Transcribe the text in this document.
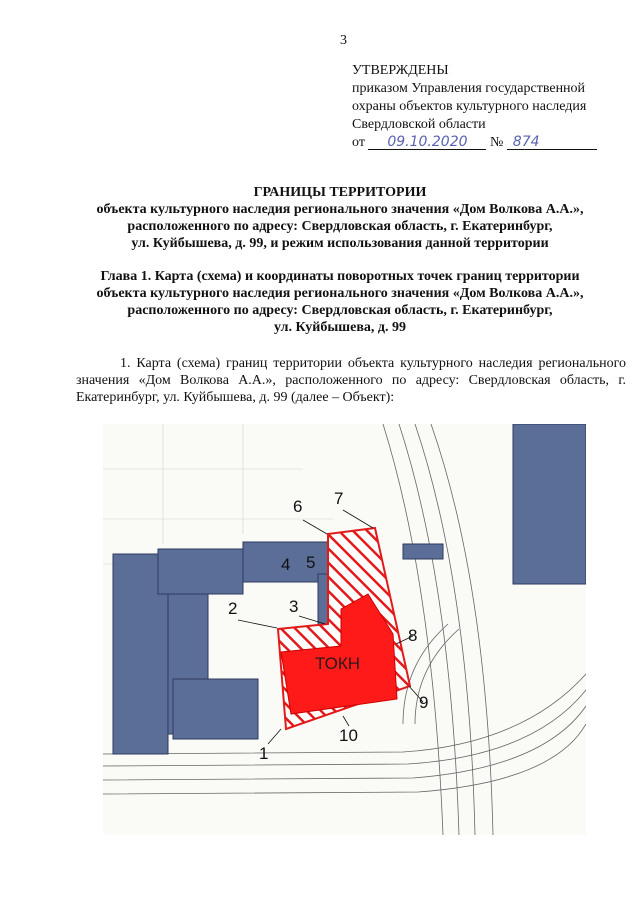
3
УТВЕРЖДЕНЫ
приказом Управления государственной
охраны объектов культурного наследия
Свердловской области
от 09.10.2020 № 874
ГРАНИЦЫ ТЕРРИТОРИИ
объекта культурного наследия регионального значения «Дом Волкова А.А.»,
расположенного по адресу: Свердловская область, г. Екатеринбург,
ул. Куйбышева, д. 99, и режим использования данной территории
Глава 1. Карта (схема) и координаты поворотных точек границ территории
объекта культурного наследия регионального значения «Дом Волкова А.А.»,
расположенного по адресу: Свердловская область, г. Екатеринбург,
ул. Куйбышева, д. 99
1. Карта (схема) границ территории объекта культурного наследия регионального значения «Дом Волкова А.А.», расположенного по адресу: Свердловская область, г. Екатеринбург, ул. Куйбышева, д. 99 (далее – Объект):
ТОКН
1
2	3
4 5
6 7
8
9
10
